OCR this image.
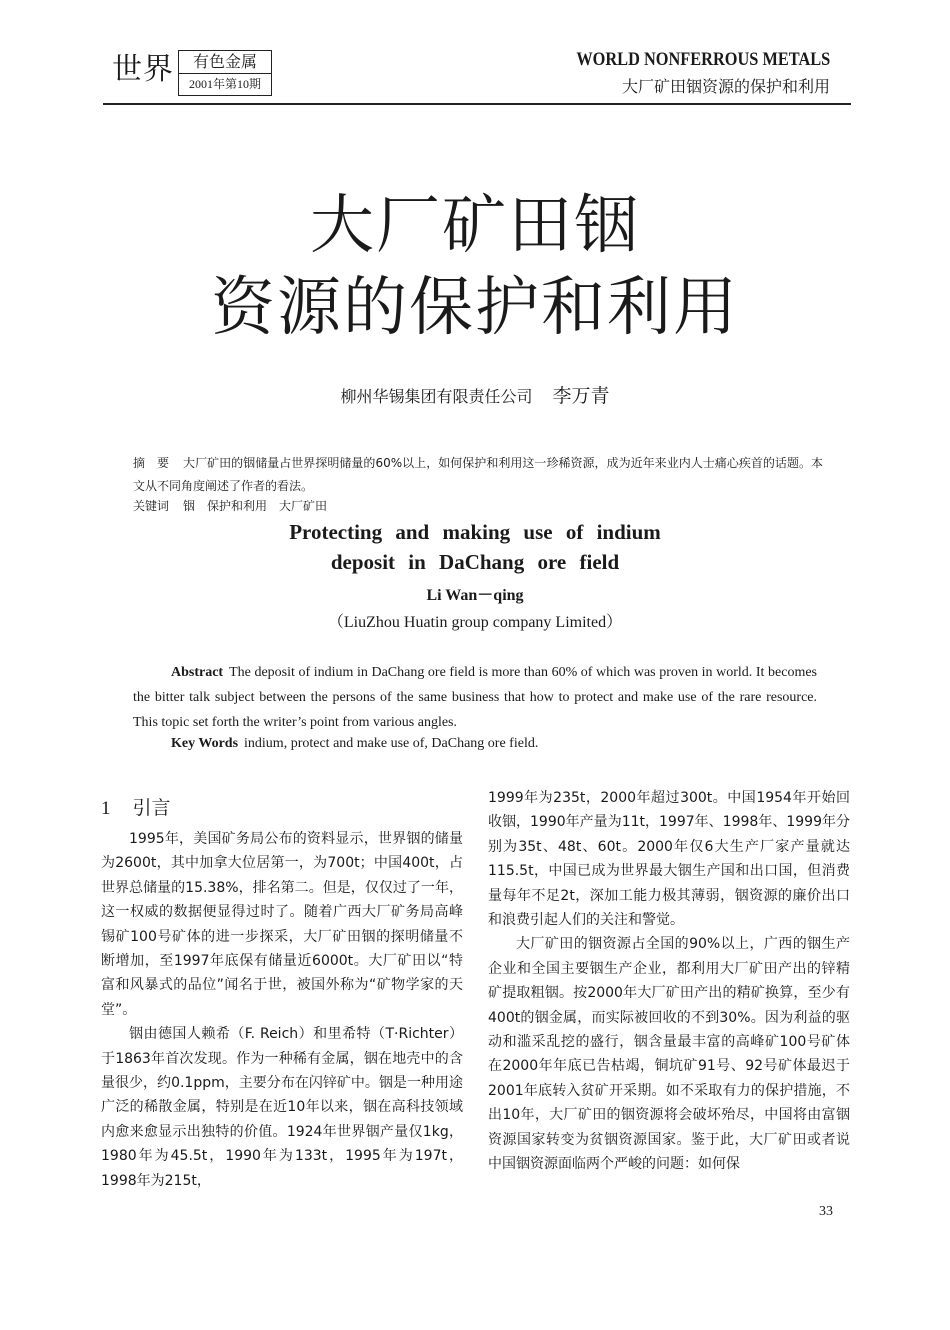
世界	有色金属
2001年第10期
WORLD NONFERROUS METALS
大厂矿田铟资源的保护和利用
大厂矿田铟
资源的保护和利用
柳州华锡集团有限责任公司 李万青
摘　要 大厂矿田的铟储量占世界探明储量的60%以上，如何保护和利用这一珍稀资源，成为近年来业内人士痛心疾首的话题。本文从不同角度阐述了作者的看法。
关键词 铟　保护和利用　大厂矿田
Protecting and making use of indium
deposit in DaChang ore field
Li Wan－qing
（LiuZhou Huatin group company Limited）
Abstract The deposit of indium in DaChang ore field is more than 60% of which was proven in world. It becomes the bitter talk subject between the persons of the same business that how to protect and make use of the rare resource. This topic set forth the writer’s point from various angles.
Key Words indium, protect and make use of, DaChang ore field.
1 引言

1995年，美国矿务局公布的资料显示，世界铟的储量为2600t，其中加拿大位居第一，为700t；中国400t，占世界总储量的15.38%，排名第二。但是，仅仅过了一年，这一权威的数据便显得过时了。随着广西大厂矿务局高峰锡矿100号矿体的进一步探采，大厂矿田铟的探明储量不断增加，至1997年底保有储量近6000t。大厂矿田以“特富和风暴式的品位”闻名于世，被国外称为“矿物学家的天堂”。

铟由德国人赖希（F. Reich）和里希特（T·Richter）于1863年首次发现。作为一种稀有金属，铟在地壳中的含量很少，约0.1ppm，主要分布在闪锌矿中。铟是一种用途广泛的稀散金属，特别是在近10年以来，铟在高科技领域内愈来愈显示出独特的价值。1924年世界铟产量仅1kg，1980年为45.5t，1990年为133t，1995年为197t，1998年为215t，

1999年为235t，2000年超过300t。中国1954年开始回收铟，1990年产量为11t，1997年、1998年、1999年分别为35t、48t、60t。2000年仅6大生产厂家产量就达115.5t，中国已成为世界最大铟生产国和出口国，但消费量每年不足2t，深加工能力极其薄弱，铟资源的廉价出口和浪费引起人们的关注和警觉。

大厂矿田的铟资源占全国的90%以上，广西的铟生产企业和全国主要铟生产企业，都利用大厂矿田产出的锌精矿提取粗铟。按2000年大厂矿田产出的精矿换算，至少有400t的铟金属，而实际被回收的不到30%。因为利益的驱动和滥采乱挖的盛行，铟含量最丰富的高峰矿100号矿体在2000年年底已告枯竭，铜坑矿91号、92号矿体最迟于2001年底转入贫矿开采期。如不采取有力的保护措施，不出10年，大厂矿田的铟资源将会破坏殆尽，中国将由富铟资源国家转变为贫铟资源国家。鉴于此，大厂矿田或者说中国铟资源面临两个严峻的问题：如何保

33
